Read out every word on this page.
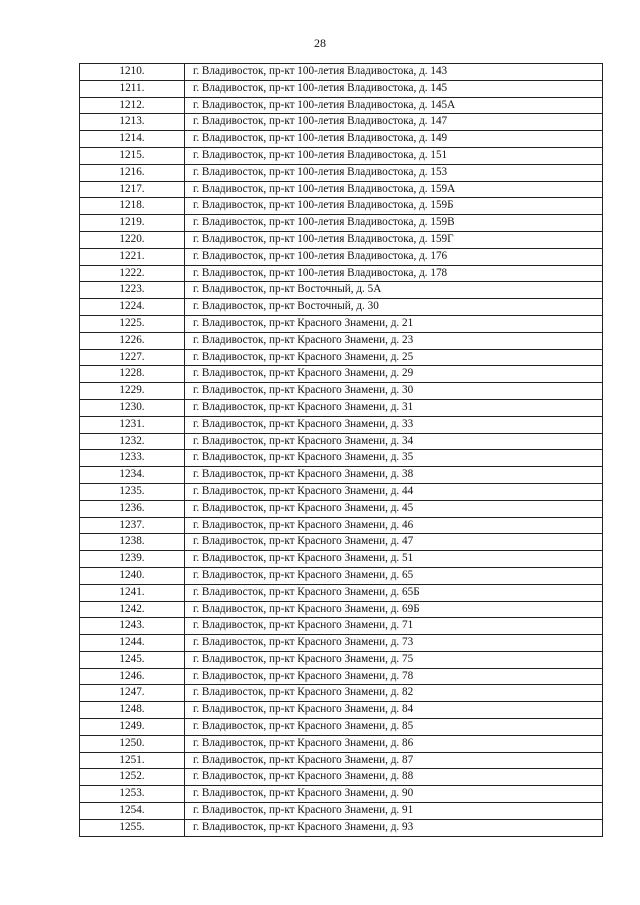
28
1210.	г. Владивосток, пр-кт 100-летия Владивостока, д. 143
1211.	г. Владивосток, пр-кт 100-летия Владивостока, д. 145
1212.	г. Владивосток, пр-кт 100-летия Владивостока, д. 145А
1213.	г. Владивосток, пр-кт 100-летия Владивостока, д. 147
1214.	г. Владивосток, пр-кт 100-летия Владивостока, д. 149
1215.	г. Владивосток, пр-кт 100-летия Владивостока, д. 151
1216.	г. Владивосток, пр-кт 100-летия Владивостока, д. 153
1217.	г. Владивосток, пр-кт 100-летия Владивостока, д. 159А
1218.	г. Владивосток, пр-кт 100-летия Владивостока, д. 159Б
1219.	г. Владивосток, пр-кт 100-летия Владивостока, д. 159В
1220.	г. Владивосток, пр-кт 100-летия Владивостока, д. 159Г
1221.	г. Владивосток, пр-кт 100-летия Владивостока, д. 176
1222.	г. Владивосток, пр-кт 100-летия Владивостока, д. 178
1223.	г. Владивосток, пр-кт Восточный, д. 5А
1224.	г. Владивосток, пр-кт Восточный, д. 30
1225.	г. Владивосток, пр-кт Красного Знамени, д. 21
1226.	г. Владивосток, пр-кт Красного Знамени, д. 23
1227.	г. Владивосток, пр-кт Красного Знамени, д. 25
1228.	г. Владивосток, пр-кт Красного Знамени, д. 29
1229.	г. Владивосток, пр-кт Красного Знамени, д. 30
1230.	г. Владивосток, пр-кт Красного Знамени, д. 31
1231.	г. Владивосток, пр-кт Красного Знамени, д. 33
1232.	г. Владивосток, пр-кт Красного Знамени, д. 34
1233.	г. Владивосток, пр-кт Красного Знамени, д. 35
1234.	г. Владивосток, пр-кт Красного Знамени, д. 38
1235.	г. Владивосток, пр-кт Красного Знамени, д. 44
1236.	г. Владивосток, пр-кт Красного Знамени, д. 45
1237.	г. Владивосток, пр-кт Красного Знамени, д. 46
1238.	г. Владивосток, пр-кт Красного Знамени, д. 47
1239.	г. Владивосток, пр-кт Красного Знамени, д. 51
1240.	г. Владивосток, пр-кт Красного Знамени, д. 65
1241.	г. Владивосток, пр-кт Красного Знамени, д. 65Б
1242.	г. Владивосток, пр-кт Красного Знамени, д. 69Б
1243.	г. Владивосток, пр-кт Красного Знамени, д. 71
1244.	г. Владивосток, пр-кт Красного Знамени, д. 73
1245.	г. Владивосток, пр-кт Красного Знамени, д. 75
1246.	г. Владивосток, пр-кт Красного Знамени, д. 78
1247.	г. Владивосток, пр-кт Красного Знамени, д. 82
1248.	г. Владивосток, пр-кт Красного Знамени, д. 84
1249.	г. Владивосток, пр-кт Красного Знамени, д. 85
1250.	г. Владивосток, пр-кт Красного Знамени, д. 86
1251.	г. Владивосток, пр-кт Красного Знамени, д. 87
1252.	г. Владивосток, пр-кт Красного Знамени, д. 88
1253.	г. Владивосток, пр-кт Красного Знамени, д. 90
1254.	г. Владивосток, пр-кт Красного Знамени, д. 91
1255.	г. Владивосток, пр-кт Красного Знамени, д. 93
